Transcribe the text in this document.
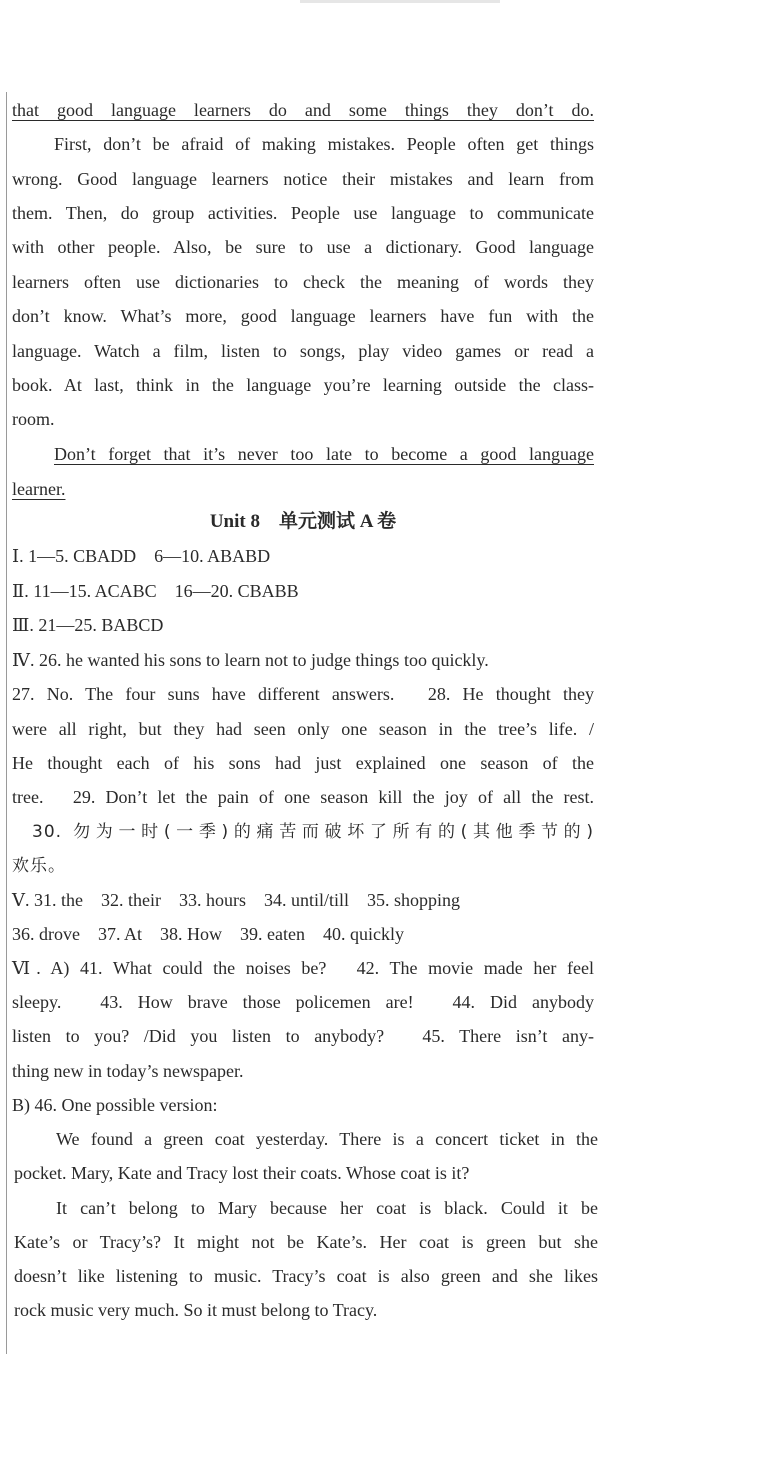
that good language learners do and some things they don’t do.
First, don’t be afraid of making mistakes. People often get things
wrong. Good language learners notice their mistakes and learn from
them. Then, do group activities. People use language to communicate
with other people. Also, be sure to use a dictionary. Good language
learners often use dictionaries to check the meaning of words they
don’t know. What’s more, good language learners have fun with the
language. Watch a film, listen to songs, play video games or read a
book. At last, think in the language you’re learning outside the class-
room.
Don’t forget that it’s never too late to become a good language
learner.
Unit 8　单元测试 A 卷
Ⅰ. 1—5. CBADD　6—10. ABABD
Ⅱ. 11—15. ACABC　16—20. CBABB
Ⅲ. 21—25. BABCD
Ⅳ. 26. he wanted his sons to learn not to judge things too quickly.
27. No. The four suns have different answers.　28. He thought they
were all right, but they had seen only one season in the tree’s life. /
He thought each of his sons had just explained one season of the
tree.　29. Don’t let the pain of one season kill the joy of all the rest.
30. 勿为一时(一季)的痛苦而破坏了所有的(其他季节的)
欢乐。
Ⅴ. 31. the　32. their　33. hours　34. until/till　35. shopping
36. drove　37. At　38. How　39. eaten　40. quickly
Ⅵ. A) 41. What could the noises be?　42. The movie made her feel
sleepy.　43. How brave those policemen are!　44. Did anybody
listen to you? /Did you listen to anybody?　45. There isn’t any-
thing new in today’s newspaper.
B) 46. One possible version:
We found a green coat yesterday. There is a concert ticket in the
pocket. Mary, Kate and Tracy lost their coats. Whose coat is it?
It can’t belong to Mary because her coat is black. Could it be
Kate’s or Tracy’s? It might not be Kate’s. Her coat is green but she
doesn’t like listening to music. Tracy’s coat is also green and she likes
rock music very much. So it must belong to Tracy.
